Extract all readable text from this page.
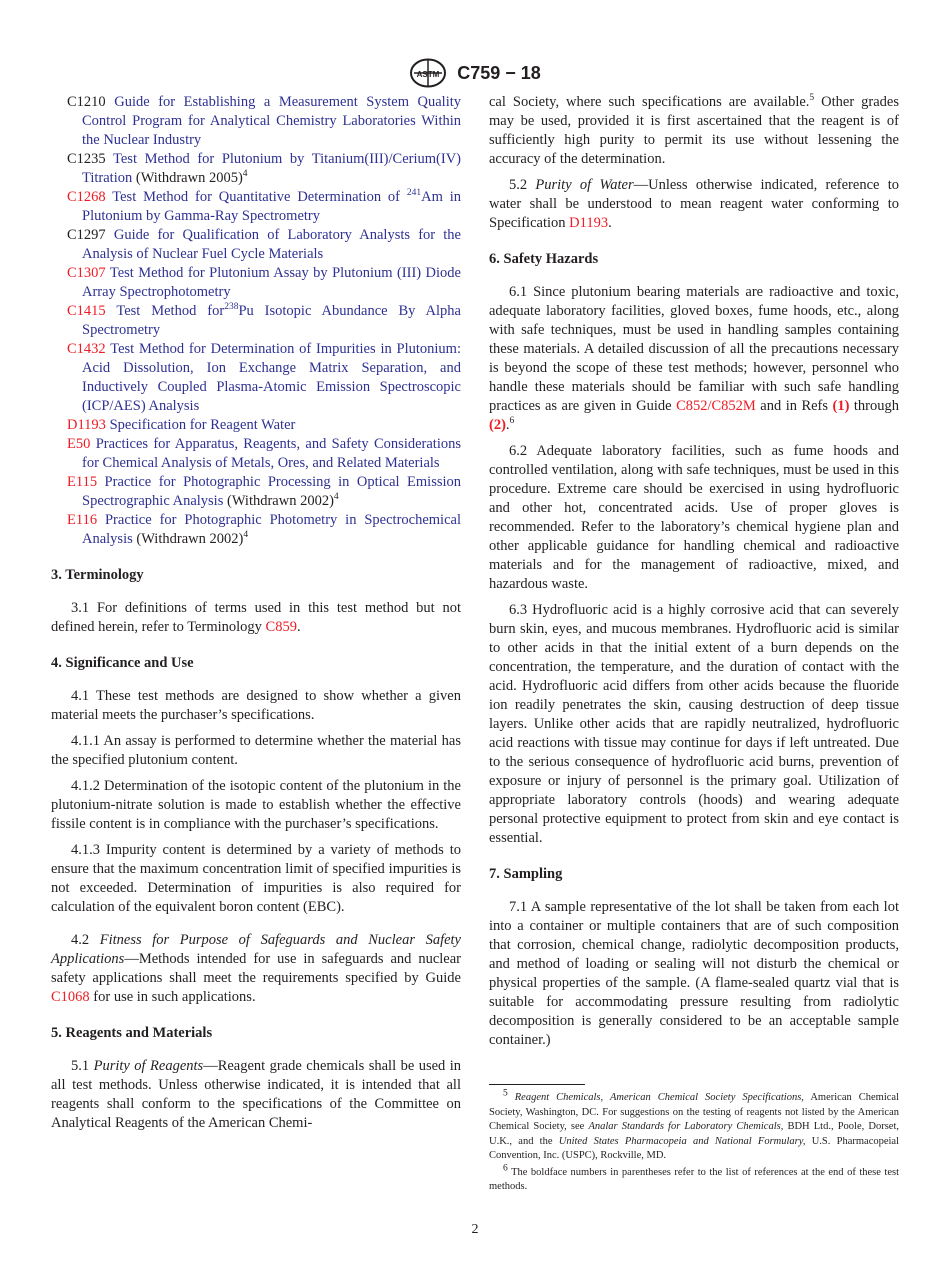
ASTM C759 − 18
C1210 Guide for Establishing a Measurement System Quality Control Program for Analytical Chemistry Laboratories Within the Nuclear Industry
C1235 Test Method for Plutonium by Titanium(III)/Cerium(IV) Titration (Withdrawn 2005)$^4$
C1268 Test Method for Quantitative Determination of $^{241}$Am in Plutonium by Gamma-Ray Spectrometry
C1297 Guide for Qualification of Laboratory Analysts for the Analysis of Nuclear Fuel Cycle Materials
C1307 Test Method for Plutonium Assay by Plutonium (III) Diode Array Spectrophotometry
C1415 Test Method for$^{238}$Pu Isotopic Abundance By Alpha Spectrometry
C1432 Test Method for Determination of Impurities in Plutonium: Acid Dissolution, Ion Exchange Matrix Separation, and Inductively Coupled Plasma-Atomic Emission Spectroscopic (ICP/AES) Analysis
D1193 Specification for Reagent Water
E50 Practices for Apparatus, Reagents, and Safety Considerations for Chemical Analysis of Metals, Ores, and Related Materials
E115 Practice for Photographic Processing in Optical Emission Spectrographic Analysis (Withdrawn 2002)$^4$
E116 Practice for Photographic Photometry in Spectrochemical Analysis (Withdrawn 2002)$^4$
3. Terminology

3.1 For definitions of terms used in this test method but not defined herein, refer to Terminology C859.

4. Significance and Use

4.1 These test methods are designed to show whether a given material meets the purchaser’s specifications.

4.1.1 An assay is performed to determine whether the material has the specified plutonium content.

4.1.2 Determination of the isotopic content of the plutonium in the plutonium-nitrate solution is made to establish whether the effective fissile content is in compliance with the purchaser’s specifications.

4.1.3 Impurity content is determined by a variety of methods to ensure that the maximum concentration limit of specified impurities is not exceeded. Determination of impurities is also required for calculation of the equivalent boron content (EBC).

4.2 Fitness for Purpose of Safeguards and Nuclear Safety Applications—Methods intended for use in safeguards and nuclear safety applications shall meet the requirements specified by Guide C1068 for use in such applications.

5. Reagents and Materials

5.1 Purity of Reagents—Reagent grade chemicals shall be used in all test methods. Unless otherwise indicated, it is intended that all reagents shall conform to the specifications of the Committee on Analytical Reagents of the American Chemi-

cal Society, where such specifications are available.$^5$ Other grades may be used, provided it is first ascertained that the reagent is of sufficiently high purity to permit its use without lessening the accuracy of the determination.

5.2 Purity of Water—Unless otherwise indicated, reference to water shall be understood to mean reagent water conforming to Specification D1193.

6. Safety Hazards

6.1 Since plutonium bearing materials are radioactive and toxic, adequate laboratory facilities, gloved boxes, fume hoods, etc., along with safe techniques, must be used in handling samples containing these materials. A detailed discussion of all the precautions necessary is beyond the scope of these test methods; however, personnel who handle these materials should be familiar with such safe handling practices as are given in Guide C852/C852M and in Refs (1) through (2).$^6$

6.2 Adequate laboratory facilities, such as fume hoods and controlled ventilation, along with safe techniques, must be used in this procedure. Extreme care should be exercised in using hydrofluoric and other hot, concentrated acids. Use of proper gloves is recommended. Refer to the laboratory’s chemical hygiene plan and other applicable guidance for handling chemical and radioactive materials and for the management of radioactive, mixed, and hazardous waste.

6.3 Hydrofluoric acid is a highly corrosive acid that can severely burn skin, eyes, and mucous membranes. Hydrofluoric acid is similar to other acids in that the initial extent of a burn depends on the concentration, the temperature, and the duration of contact with the acid. Hydrofluoric acid differs from other acids because the fluoride ion readily penetrates the skin, causing destruction of deep tissue layers. Unlike other acids that are rapidly neutralized, hydrofluoric acid reactions with tissue may continue for days if left untreated. Due to the serious consequence of hydrofluoric acid burns, prevention of exposure or injury of personnel is the primary goal. Utilization of appropriate laboratory controls (hoods) and wearing adequate personal protective equipment to protect from skin and eye contact is essential.

7. Sampling

7.1 A sample representative of the lot shall be taken from each lot into a container or multiple containers that are of such composition that corrosion, chemical change, radiolytic decomposition products, and method of loading or sealing will not disturb the chemical or physical properties of the sample. (A flame-sealed quartz vial that is suitable for accommodating pressure resulting from radiolytic decomposition is generally considered to be an acceptable sample container.)

$^5$ Reagent Chemicals, American Chemical Society Specifications, American Chemical Society, Washington, DC. For suggestions on the testing of reagents not listed by the American Chemical Society, see Analar Standards for Laboratory Chemicals, BDH Ltd., Poole, Dorset, U.K., and the United States Pharmacopeia and National Formulary, U.S. Pharmacopeial Convention, Inc. (USPC), Rockville, MD.

$^6$ The boldface numbers in parentheses refer to the list of references at the end of these test methods.

2
